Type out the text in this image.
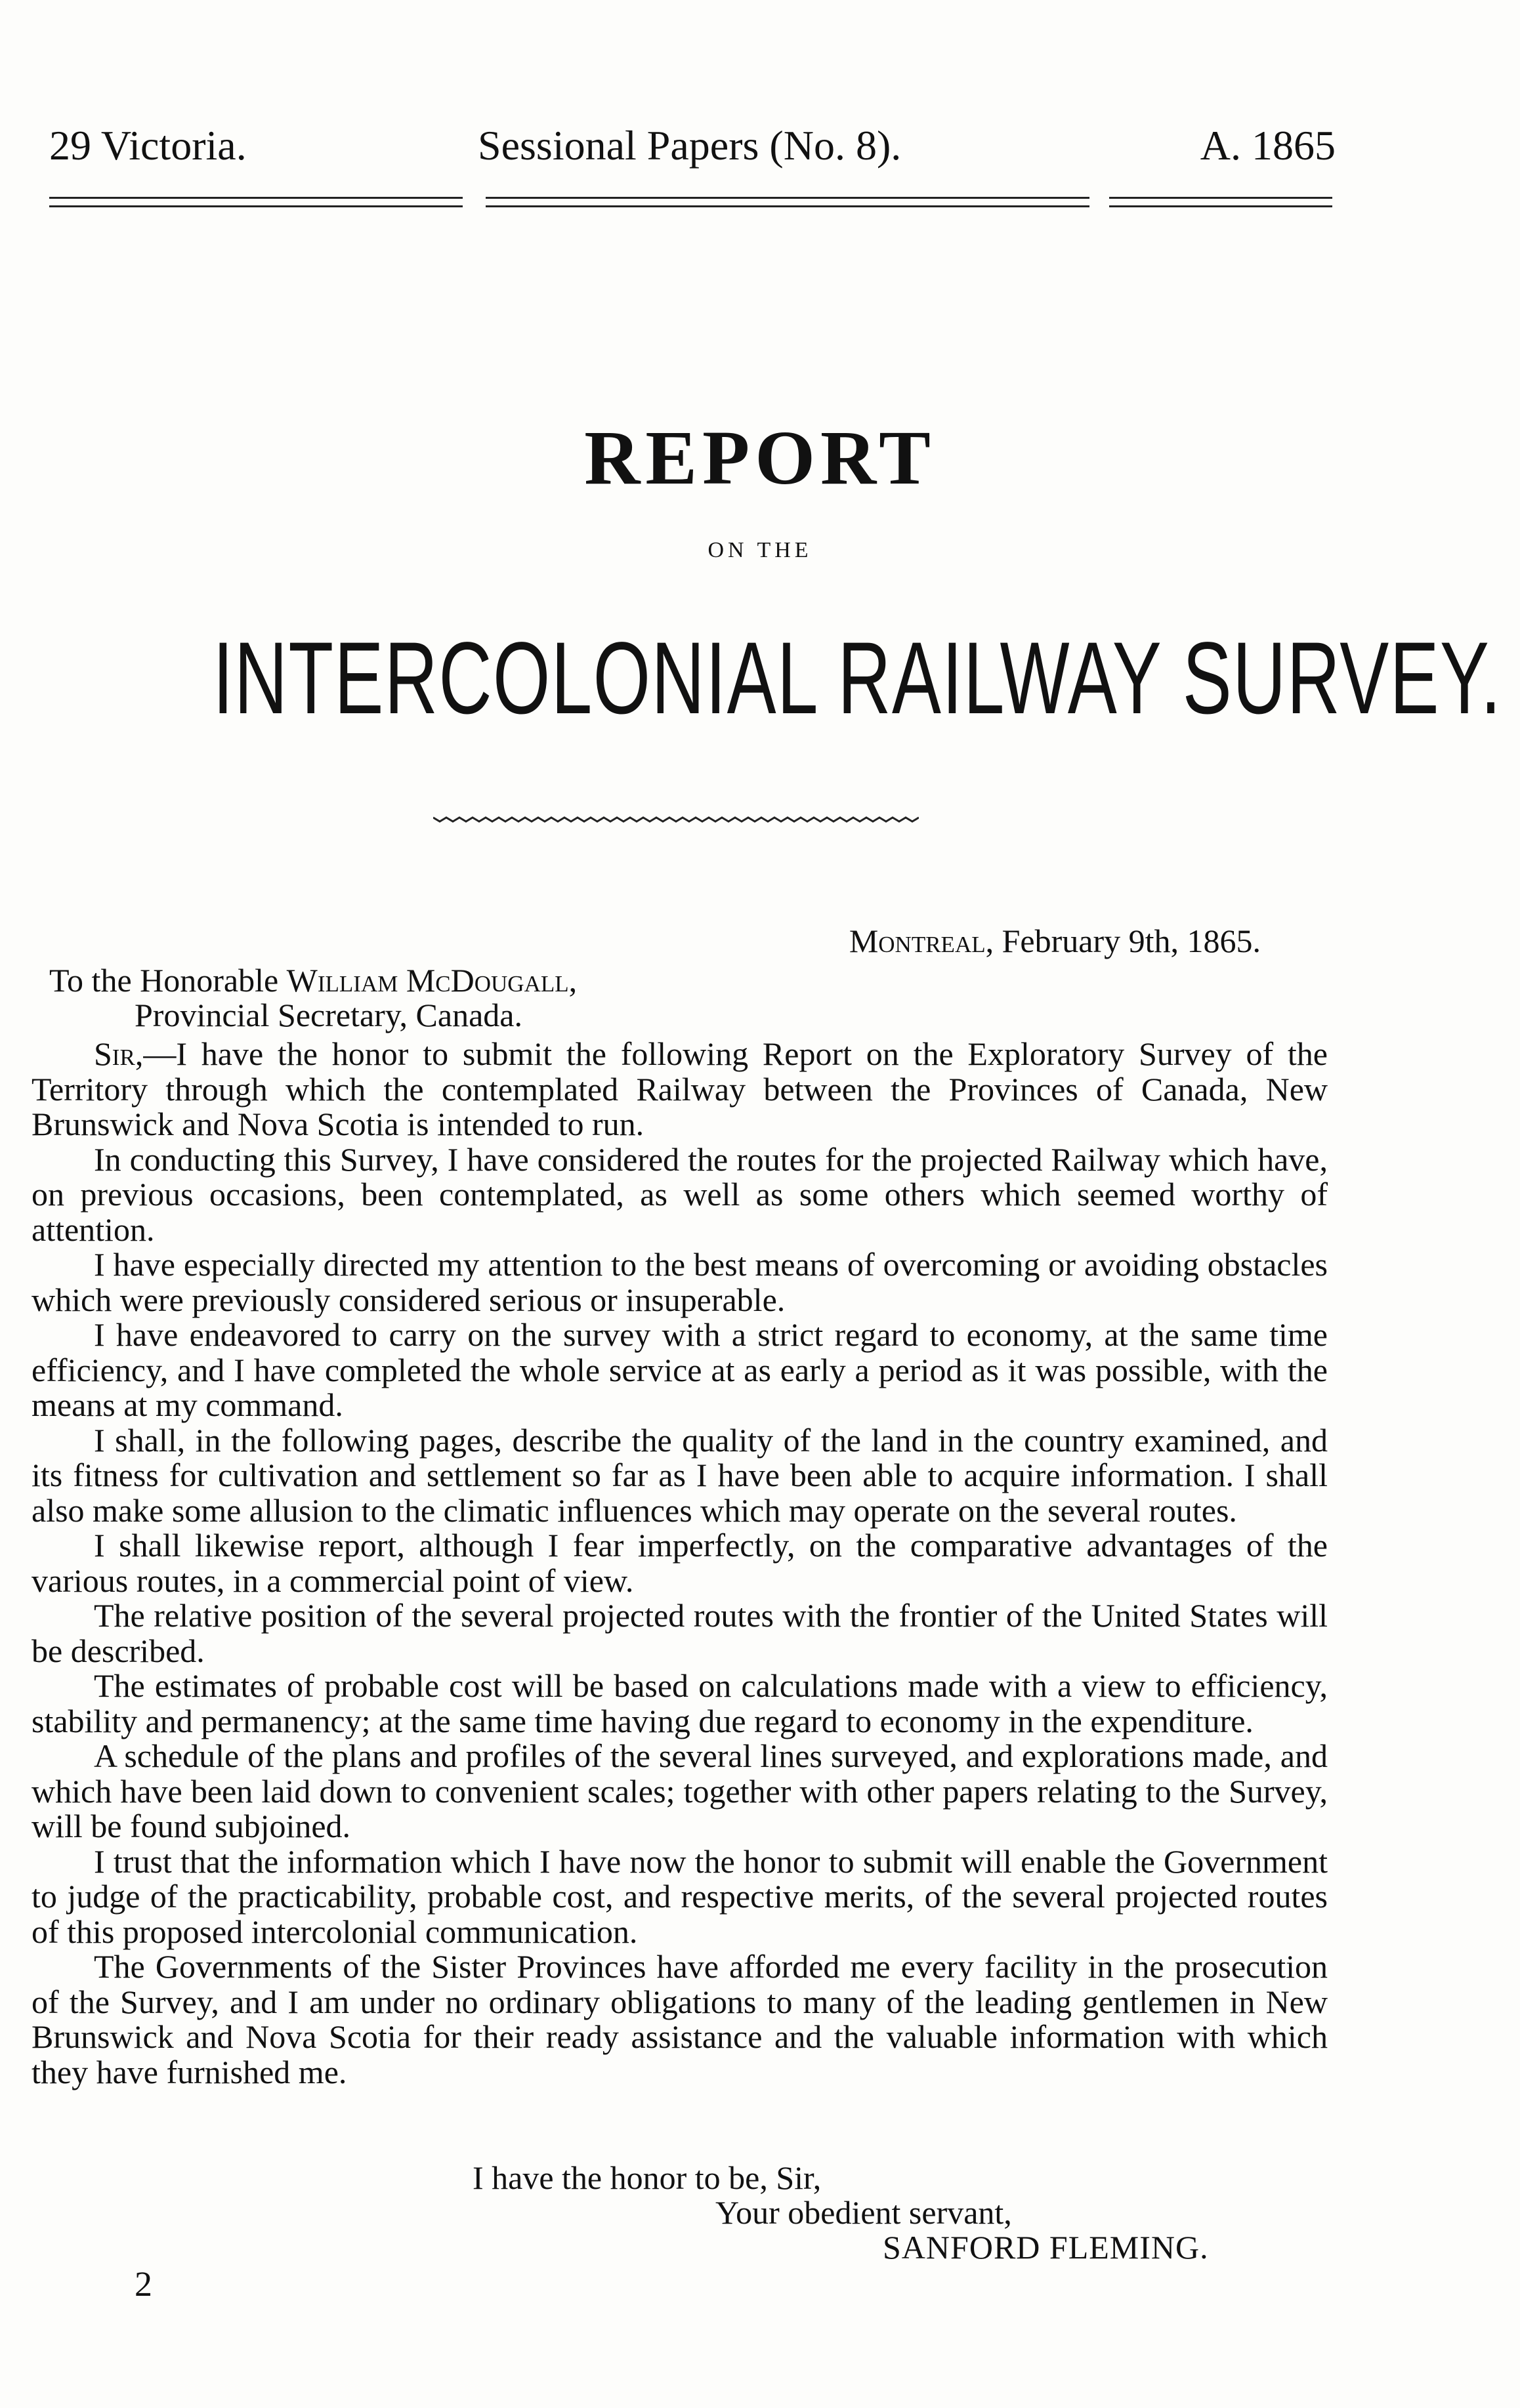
29 Victoria.	Sessional Papers (No. 8).	A. 1865
REPORT
ON THE
INTERCOLONIAL RAILWAY SURVEY.
Montreal, February 9th, 1865.
To the Honorable William McDougall,
Provincial Secretary, Canada.

Sir,—I have the honor to submit the following Report on the Exploratory Survey of the Territory through which the contemplated Railway between the Provinces of Canada, New Brunswick and Nova Scotia is intended to run.

In conducting this Survey, I have considered the routes for the projected Railway which have, on previous occasions, been contemplated, as well as some others which seemed worthy of attention.

I have especially directed my attention to the best means of overcoming or avoiding obstacles which were previously considered serious or insuperable.

I have endeavored to carry on the survey with a strict regard to economy, at the same time efficiency, and I have completed the whole service at as early a period as it was possible, with the means at my command.

I shall, in the following pages, describe the quality of the land in the country examined, and its fitness for cultivation and settlement so far as I have been able to acquire information. I shall also make some allusion to the climatic influences which may operate on the several routes.

I shall likewise report, although I fear imperfectly, on the comparative advantages of the various routes, in a commercial point of view.

The relative position of the several projected routes with the frontier of the United States will be described.

The estimates of probable cost will be based on calculations made with a view to efficiency, stability and permanency; at the same time having due regard to economy in the expenditure.

A schedule of the plans and profiles of the several lines surveyed, and explorations made, and which have been laid down to convenient scales; together with other papers relating to the Survey, will be found subjoined.

I trust that the information which I have now the honor to submit will enable the Government to judge of the practicability, probable cost, and respective merits, of the several projected routes of this proposed intercolonial communication.

The Governments of the Sister Provinces have afforded me every facility in the prosecution of the Survey, and I am under no ordinary obligations to many of the leading gentlemen in New Brunswick and Nova Scotia for their ready assistance and the valuable information with which they have furnished me.

I have the honor to be, Sir,
Your obedient servant,
SANFORD FLEMING.
2
